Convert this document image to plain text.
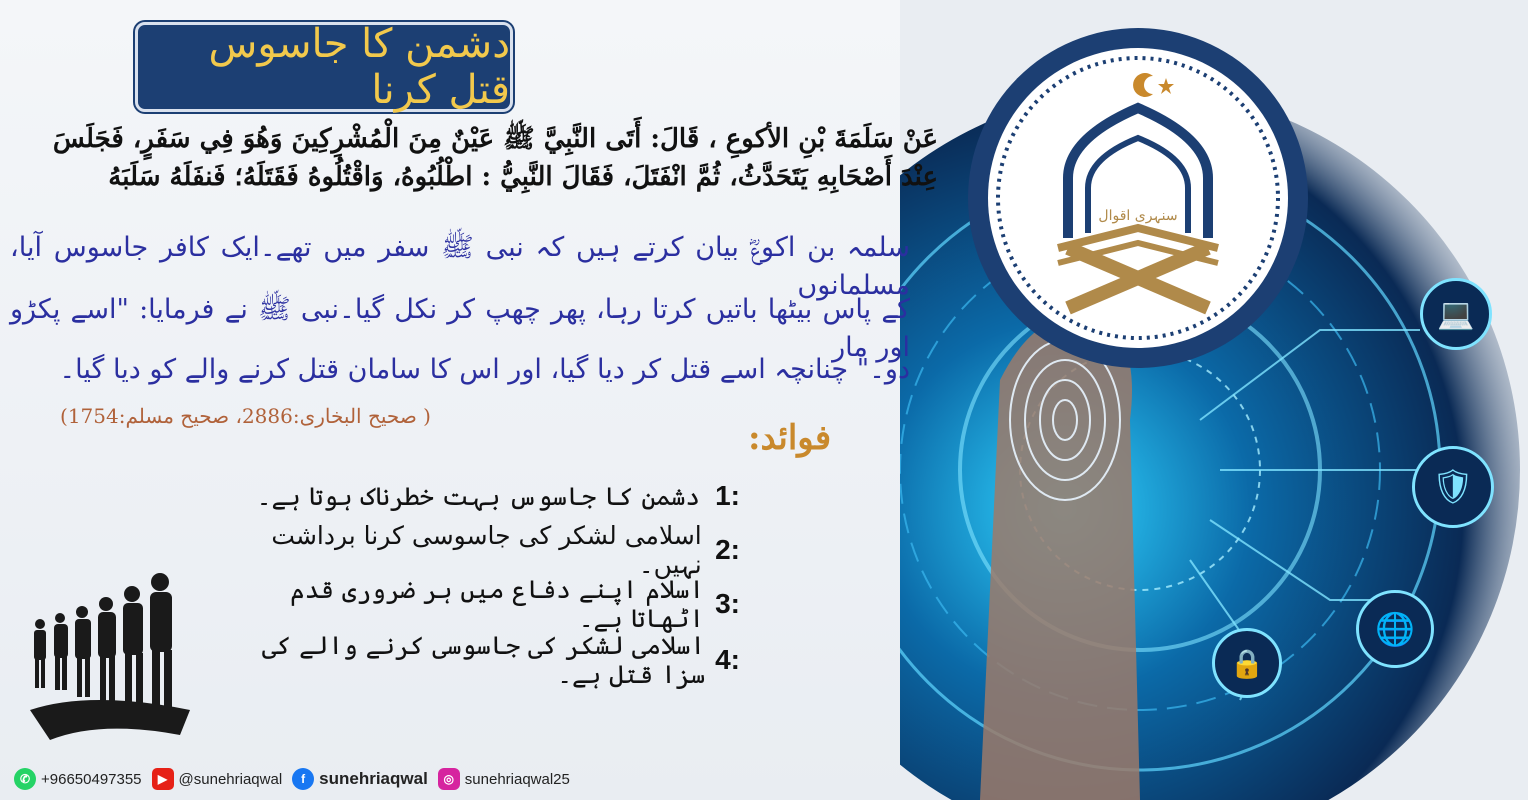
💻
🛡
🌐
🔒
سنہری اقوال
دشمن کا جاسوس قتل کرنا
عَنْ سَلَمَةَ بْنِ الأكوعِ ، قَالَ: أَتَى النَّبِيَّ ﷺ عَيْنٌ مِنَ الْمُشْرِكِينَ وَهُوَ فِي سَفَرٍ، فَجَلَسَ
عِنْدَ أَصْحَابِهِ يَتَحَدَّثُ، ثُمَّ انْفَتَلَ، فَقَالَ النَّبِيُّ : اطْلُبُوهُ، وَاقْتُلُوهُ فَقَتَلَهُ؛ فَنفَلَهُ سَلَبَهُ
سلمہ بن اکوعؓ بیان کرتے ہیں کہ نبی ﷺ سفر میں تھے۔ایک کافر جاسوس آیا، مسلمانوں
کے پاس بیٹھا باتیں کرتا رہا، پھر چھپ کر نکل گیا۔نبی ﷺ نے فرمایا: "اسے پکڑو اور مار
دو۔" چنانچہ اسے قتل کر دیا گیا، اور اس کا سامان قتل کرنے والے کو دیا گیا۔
( صحیح البخاری:2886، صحیح مسلم:1754)
فوائد:
دشمن کا جاسوس بہت خطرناک ہوتا ہے۔ 1:
اسلامی لشکر کی جاسوسی کرنا برداشت نہیں۔ 2:
اسلام اپنے دفاع میں ہر ضروری قدم اٹھاتا ہے۔ 3:
اسلامی لشکر کی جاسوسی کرنے والے کی سزا قتل ہے۔ 4:
✆ +96650497355	▶ @sunehriaqwal	f sunehriaqwal	◎ sunehriaqwal25
